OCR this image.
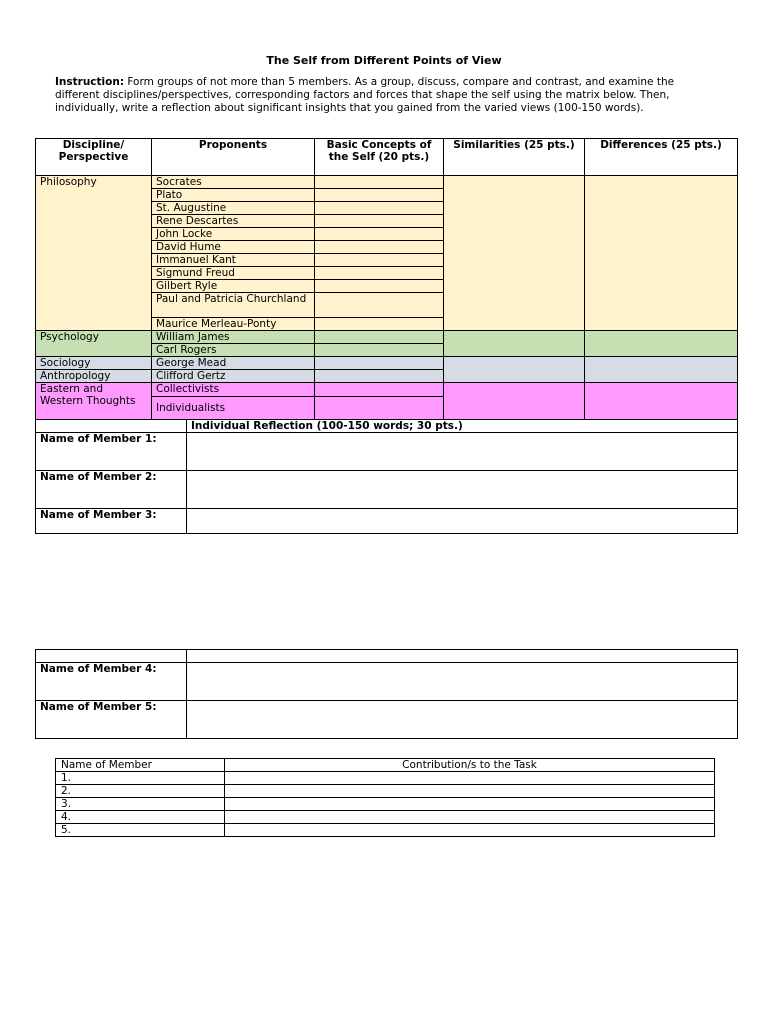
The Self from Different Points of View
Instruction: Form groups of not more than 5 members. As a group, discuss, compare and contrast, and examine the different disciplines/perspectives, corresponding factors and forces that shape the self using the matrix below. Then, individually, write a reflection about significant insights that you gained from the varied views (100-150 words).
Discipline/ Perspective	Proponents	Basic Concepts of the Self (20 pts.)	Similarities (25 pts.)	Differences (25 pts.)
Philosophy	Socrates			
	Plato			
	St. Augustine			
	Rene Descartes			
	John Locke			
	David Hume			
	Immanuel Kant			
	Sigmund Freud			
	Gilbert Ryle			
	Paul and Patricia Churchland			
	Maurice Merleau-Ponty			
Psychology	William James			
	Carl Rogers			
Sociology	George Mead			
Anthropology	Clifford Gertz			
Eastern and Western Thoughts	Collectivists			
	Individualists			
	Individual Reflection (100-150 words; 30 pts.)
Name of Member 1:	
Name of Member 2:	
Name of Member 3:	

Name of Member 4:	
Name of Member 5:	
Name of Member	Contribution/s to the Task
1.	
2.	
3.	
4.	
5.	
